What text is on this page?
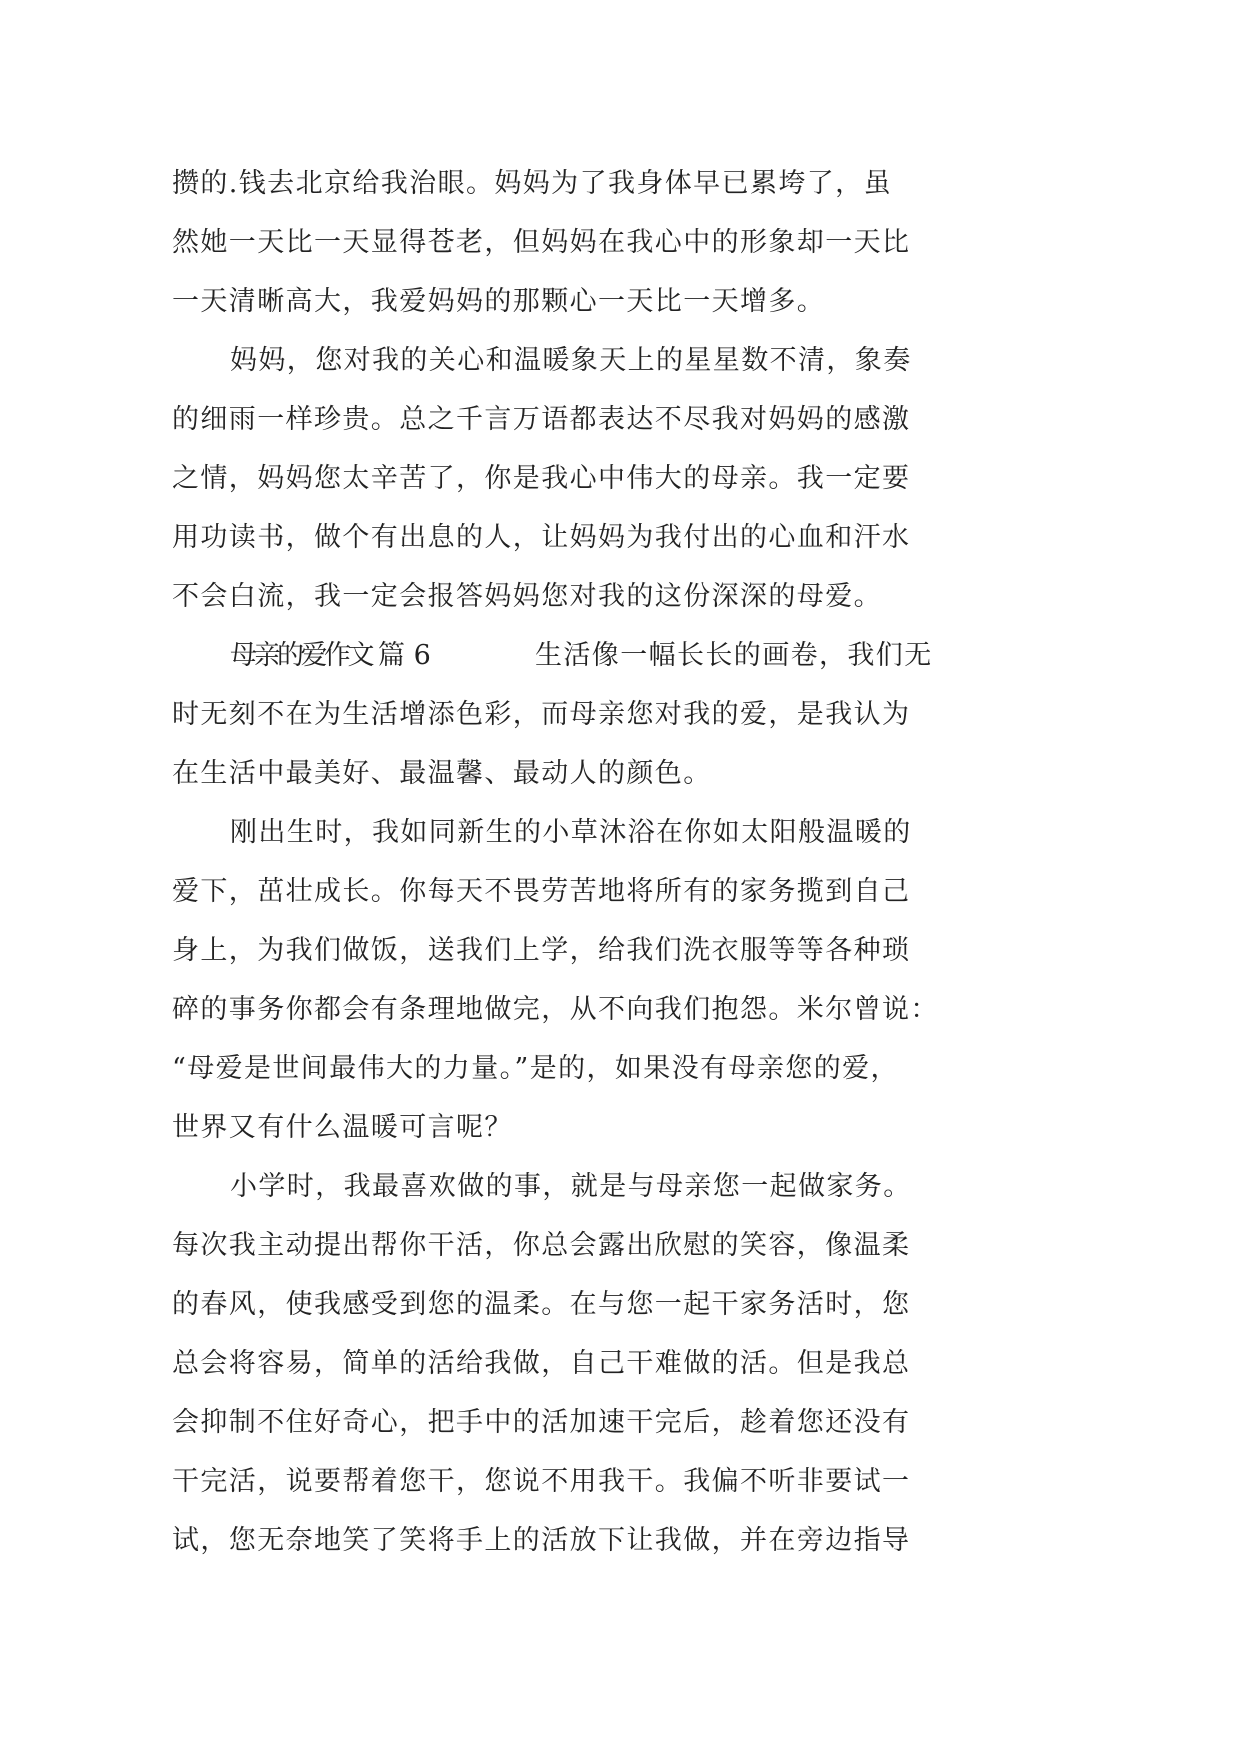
攒的.钱去北京给我治眼。妈妈为了我身体早已累垮了，虽
然她一天比一天显得苍老，但妈妈在我心中的形象却一天比
一天清晰高大，我爱妈妈的那颗心一天比一天增多。
妈妈，您对我的关心和温暖象天上的星星数不清，象奏
的细雨一样珍贵。总之千言万语都表达不尽我对妈妈的感激
之情，妈妈您太辛苦了，你是我心中伟大的母亲。我一定要
用功读书，做个有出息的人，让妈妈为我付出的心血和汗水
不会白流，我一定会报答妈妈您对我的这份深深的母爱。
母亲的爱作文 篇 6	生活像一幅长长的画卷，我们无
时无刻不在为生活增添色彩，而母亲您对我的爱，是我认为
在生活中最美好、最温馨、最动人的颜色。
刚出生时，我如同新生的小草沐浴在你如太阳般温暖的
爱下，茁壮成长。你每天不畏劳苦地将所有的家务揽到自己
身上，为我们做饭，送我们上学，给我们洗衣服等等各种琐
碎的事务你都会有条理地做完，从不向我们抱怨。米尔曾说：
“母爱是世间最伟大的力量。”是的，如果没有母亲您的爱，
世界又有什么温暖可言呢？
小学时，我最喜欢做的事，就是与母亲您一起做家务。
每次我主动提出帮你干活，你总会露出欣慰的笑容，像温柔
的春风，使我感受到您的温柔。在与您一起干家务活时，您
总会将容易，简单的活给我做，自己干难做的活。但是我总
会抑制不住好奇心，把手中的活加速干完后，趁着您还没有
干完活，说要帮着您干，您说不用我干。我偏不听非要试一
试，您无奈地笑了笑将手上的活放下让我做，并在旁边指导
